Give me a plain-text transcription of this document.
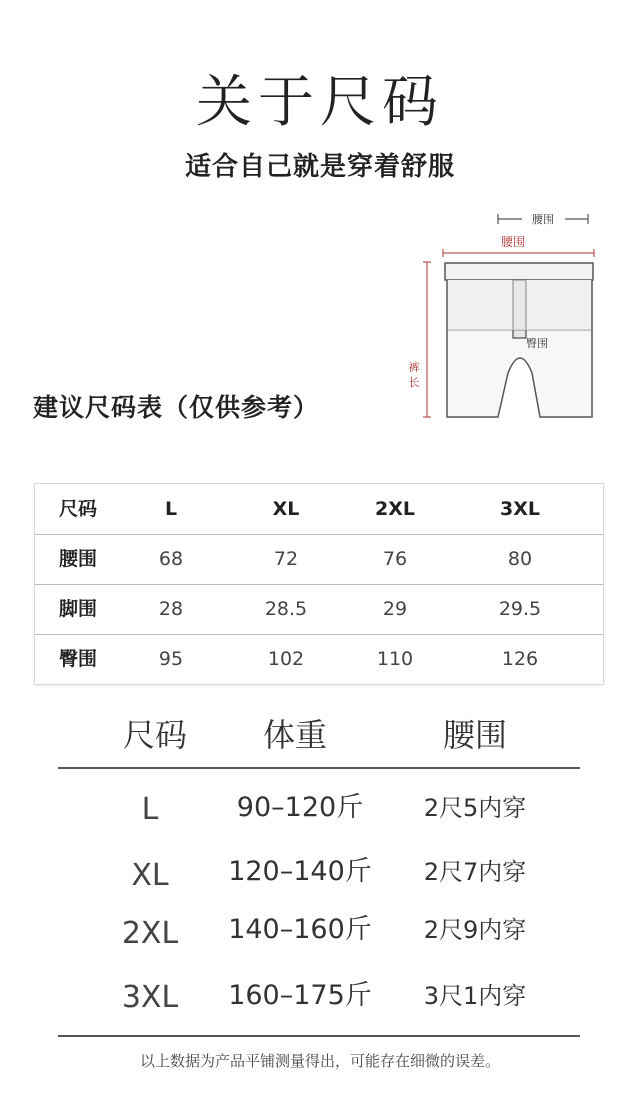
关于尺码
适合自己就是穿着舒服
腰围
腰围
裤
长
臀围
建议尺码表（仅供参考）
尺码	L	XL	2XL	3XL
腰围	68	72	76	80
脚围	28	28.5	29	29.5
臀围	95	102	110	126
尺码	体重	腰围
L	90–120斤	2尺5内穿
XL	120–140斤	2尺7内穿
2XL	140–160斤	2尺9内穿
3XL	160–175斤	3尺1内穿
以上数据为产品平铺测量得出，可能存在细微的误差。
